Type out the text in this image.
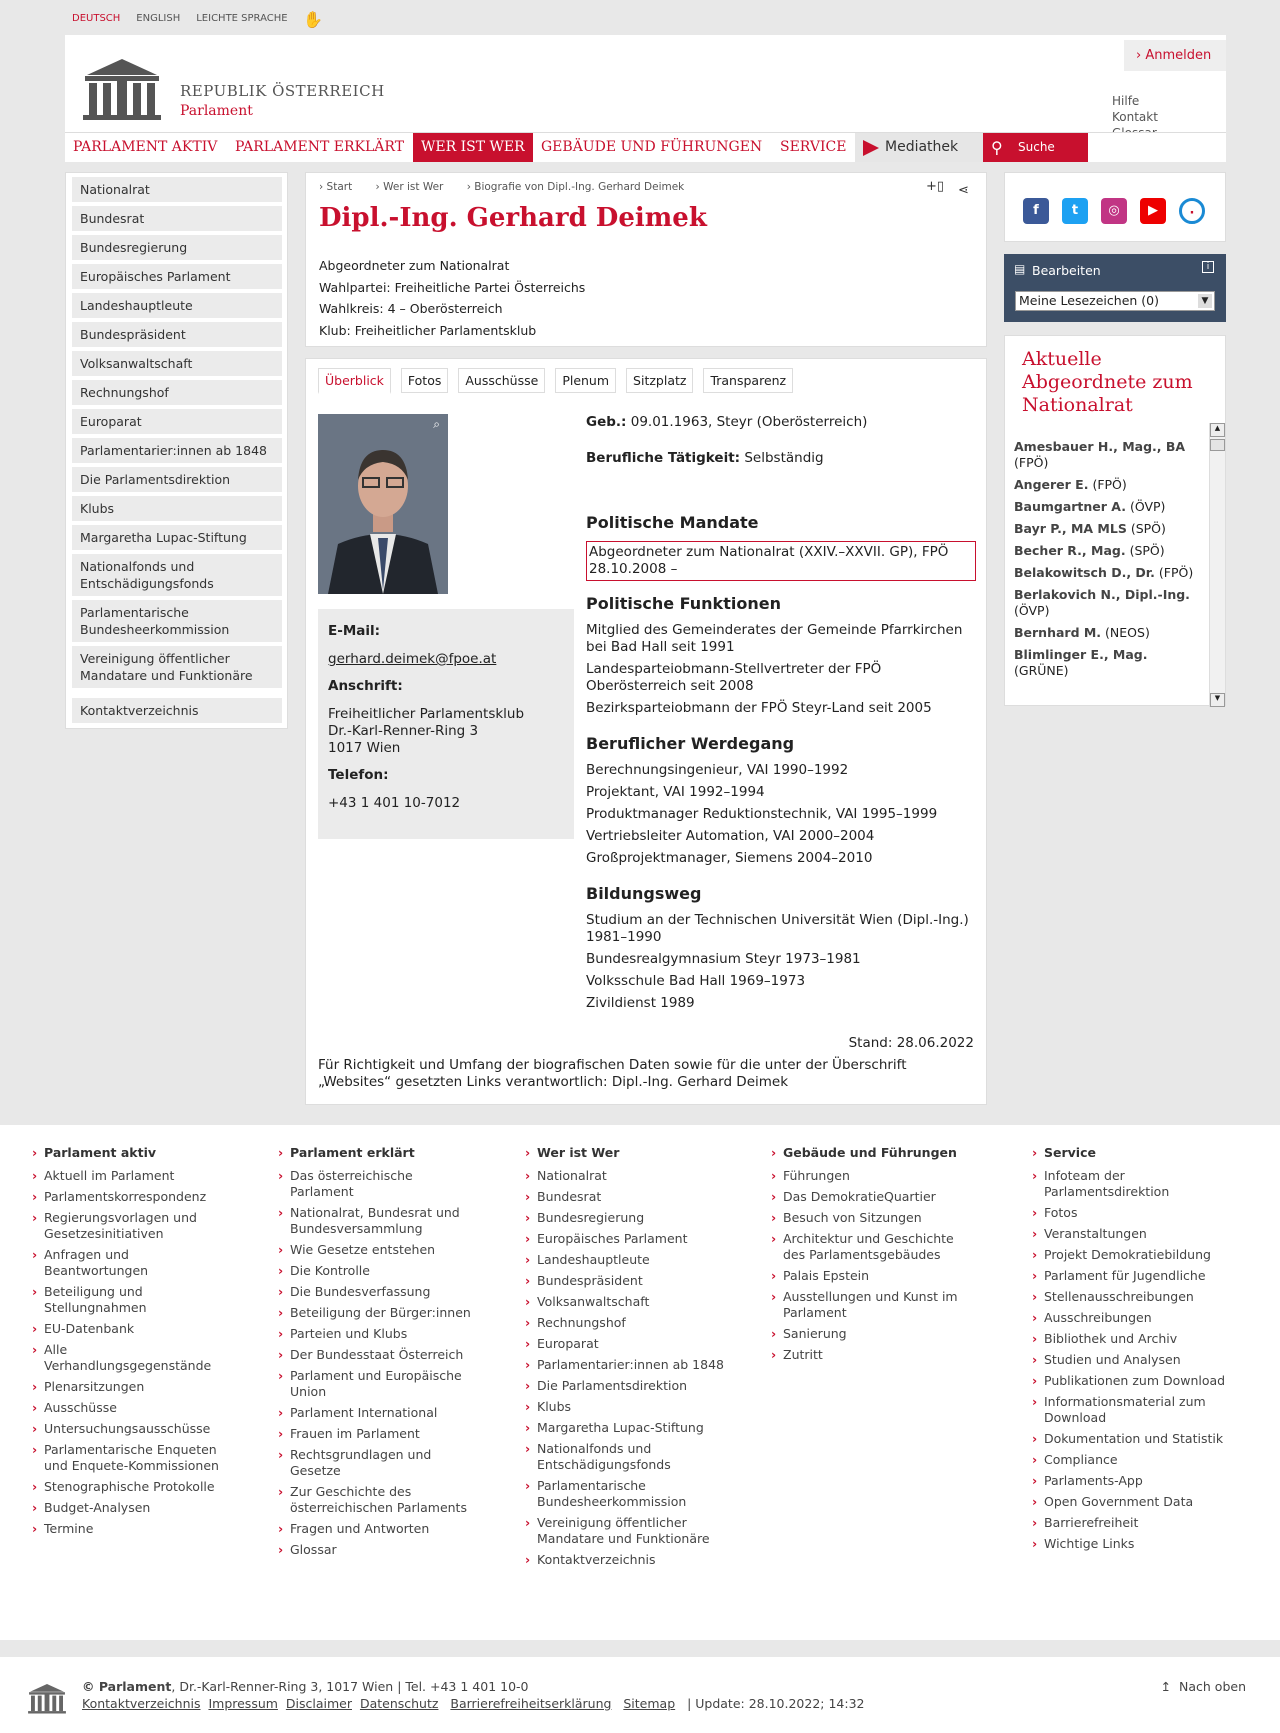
DEUTSCH ENGLISH LEICHTE SPRACHE ✋
› Anmelden
REPUBLIK ÖSTERREICH
Parlament
Hilfe
Kontakt
PARLAMENT AKTIV PARLAMENT ERKLÄRT	WER IST WER	GEBÄUDE UND FÜHRUNGEN SERVICE	Mediathek ⚲ Suche
Nationalrat
Bundesrat
Bundesregierung
Europäisches Parlament
Landeshauptleute
Bundespräsident
Volksanwaltschaft
Rechnungshof
Europarat
Parlamentarier:innen ab 1848
Die Parlamentsdirektion
Klubs
Margaretha Lupac-Stiftung
Nationalfonds und Entschädigungsfonds
Parlamentarische Bundesheerkommission
Vereinigung öffentlicher Mandatare und Funktionäre
Kontaktverzeichnis
› Start › Wer ist Wer › Biografie von Dipl.-Ing. Gerhard Deimek	+▯ ⋖
Dipl.-Ing. Gerhard Deimek
Abgeordneter zum Nationalrat
Wahlpartei: Freiheitliche Partei Österreichs
Wahlkreis: 4 – Oberösterreich
Klub: Freiheitlicher Parlamentsklub
Überblick Fotos Ausschüsse Plenum Sitzplatz Transparenz
⌕
E-Mail:
gerhard.deimek@fpoe.at
Anschrift:
Freiheitlicher Parlamentsklub
Dr.-Karl-Renner-Ring 3
1017 Wien
Telefon:
+43 1 401 10-7012
Geb.: 09.01.1963, Steyr (Oberösterreich)
Berufliche Tätigkeit: Selbständig
Politische Mandate
Abgeordneter zum Nationalrat (XXIV.–XXVII. GP), FPÖ 28.10.2008 –
Politische Funktionen
Mitglied des Gemeinderates der Gemeinde Pfarrkirchen bei Bad Hall seit 1991
Landesparteiobmann-Stellvertreter der FPÖ Oberösterreich seit 2008
Bezirksparteiobmann der FPÖ Steyr-Land seit 2005
Beruflicher Werdegang
Berechnungsingenieur, VAI 1990–1992
Projektant, VAI 1992–1994
Produktmanager Reduktionstechnik, VAI 1995–1999
Vertriebsleiter Automation, VAI 2000–2004
Großprojektmanager, Siemens 2004–2010
Bildungsweg
Studium an der Technischen Universität Wien (Dipl.-Ing.) 1981–1990
Bundesrealgymnasium Steyr 1973–1981
Volksschule Bad Hall 1969–1973
Zivildienst 1989
Stand: 28.06.2022
Für Richtigkeit und Umfang der biografischen Daten sowie für die unter der Überschrift „Websites“ gesetzten Links verantwortlich: Dipl.-Ing. Gerhard Deimek
f	t	◎	▶	·
▤ Bearbeiten	i
Meine Lesezeichen (0)	▼
Aktuelle Abgeordnete zum Nationalrat
Amesbauer H., Mag., BA (FPÖ)
Angerer E. (FPÖ)
Baumgartner A. (ÖVP)
Bayr P., MA MLS (SPÖ)
Becher R., Mag. (SPÖ)
Belakowitsch D., Dr. (FPÖ)
Berlakovich N., Dipl.-Ing. (ÖVP)
Bernhard M. (NEOS)
Blimlinger E., Mag. (GRÜNE)
▲
▼
› Parlament aktiv
› Aktuell im Parlament
› Parlamentskorrespondenz
› Regierungsvorlagen und Gesetzesinitiativen
› Anfragen und Beantwortungen
› Beteiligung und Stellungnahmen
› EU-Datenbank
› Alle Verhandlungsgegenstände
› Plenarsitzungen
› Ausschüsse
› Untersuchungsausschüsse
› Parlamentarische Enqueten und Enquete-Kommissionen
› Stenographische Protokolle
› Budget-Analysen
› Termine
› Parlament erklärt
› Das österreichische Parlament
› Nationalrat, Bundesrat und Bundesversammlung
› Wie Gesetze entstehen
› Die Kontrolle
› Die Bundesverfassung
› Beteiligung der Bürger:innen
› Parteien und Klubs
› Der Bundesstaat Österreich
› Parlament und Europäische Union
› Parlament International
› Frauen im Parlament
› Rechtsgrundlagen und Gesetze
› Zur Geschichte des österreichischen Parlaments
› Fragen und Antworten
› Glossar
› Wer ist Wer
› Nationalrat
› Bundesrat
› Bundesregierung
› Europäisches Parlament
› Landeshauptleute
› Bundespräsident
› Volksanwaltschaft
› Rechnungshof
› Europarat
› Parlamentarier:innen ab 1848
› Die Parlamentsdirektion
› Klubs
› Margaretha Lupac-Stiftung
› Nationalfonds und Entschädigungsfonds
› Parlamentarische Bundesheerkommission
› Vereinigung öffentlicher Mandatare und Funktionäre
› Kontaktverzeichnis
› Gebäude und Führungen
› Führungen
› Das DemokratieQuartier
› Besuch von Sitzungen
› Architektur und Geschichte des Parlamentsgebäudes
› Palais Epstein
› Ausstellungen und Kunst im Parlament
› Sanierung
› Zutritt
› Service
› Infoteam der Parlamentsdirektion
› Fotos
› Veranstaltungen
› Projekt Demokratiebildung
› Parlament für Jugendliche
› Stellenausschreibungen
› Ausschreibungen
› Bibliothek und Archiv
› Studien und Analysen
› Publikationen zum Download
› Informationsmaterial zum Download
› Dokumentation und Statistik
› Compliance
› Parlaments-App
› Open Government Data
› Barrierefreiheit
› Wichtige Links
© Parlament, Dr.-Karl-Renner-Ring 3, 1017 Wien | Tel. +43 1 401 10-0
Kontaktverzeichnis Impressum Disclaimer Datenschutz Barrierefreiheitserklärung Sitemap | Update: 28.10.2022; 14:32
↥ Nach oben
